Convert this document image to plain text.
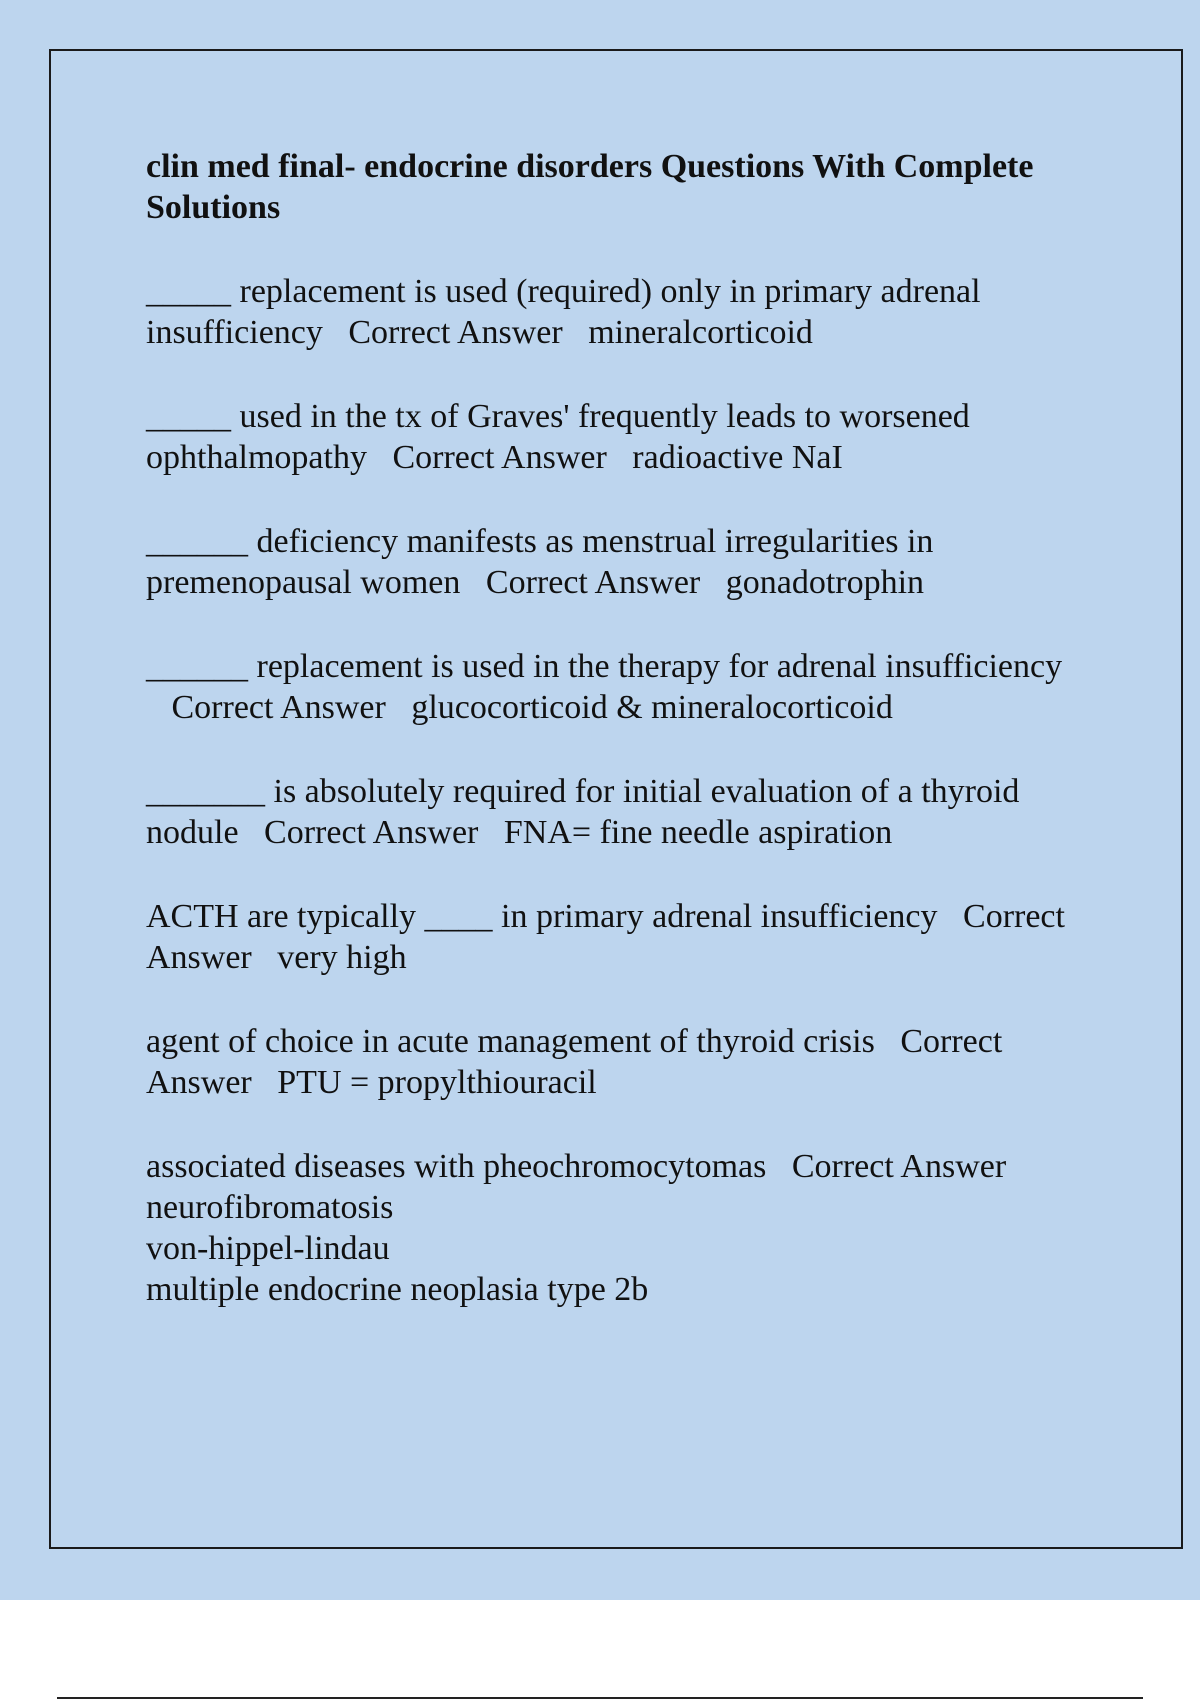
clin med final- endocrine disorders Questions With Complete Solutions

_____ replacement is used (required) only in primary adrenal insufficiency Correct Answer mineralcorticoid

_____ used in the tx of Graves' frequently leads to worsened ophthalmopathy Correct Answer radioactive NaI

______ deficiency manifests as menstrual irregularities in premenopausal women Correct Answer gonadotrophin

______ replacement is used in the therapy for adrenal insufficiency   Correct Answer glucocorticoid & mineralocorticoid

_______ is absolutely required for initial evaluation of a thyroid nodule Correct Answer FNA= fine needle aspiration

ACTH are typically ____ in primary adrenal insufficiency Correct Answer very high

agent of choice in acute management of thyroid crisis Correct Answer PTU = propylthiouracil

associated diseases with pheochromocytomas Correct Answer
neurofibromatosis
von-hippel-lindau
multiple endocrine neoplasia type 2b
